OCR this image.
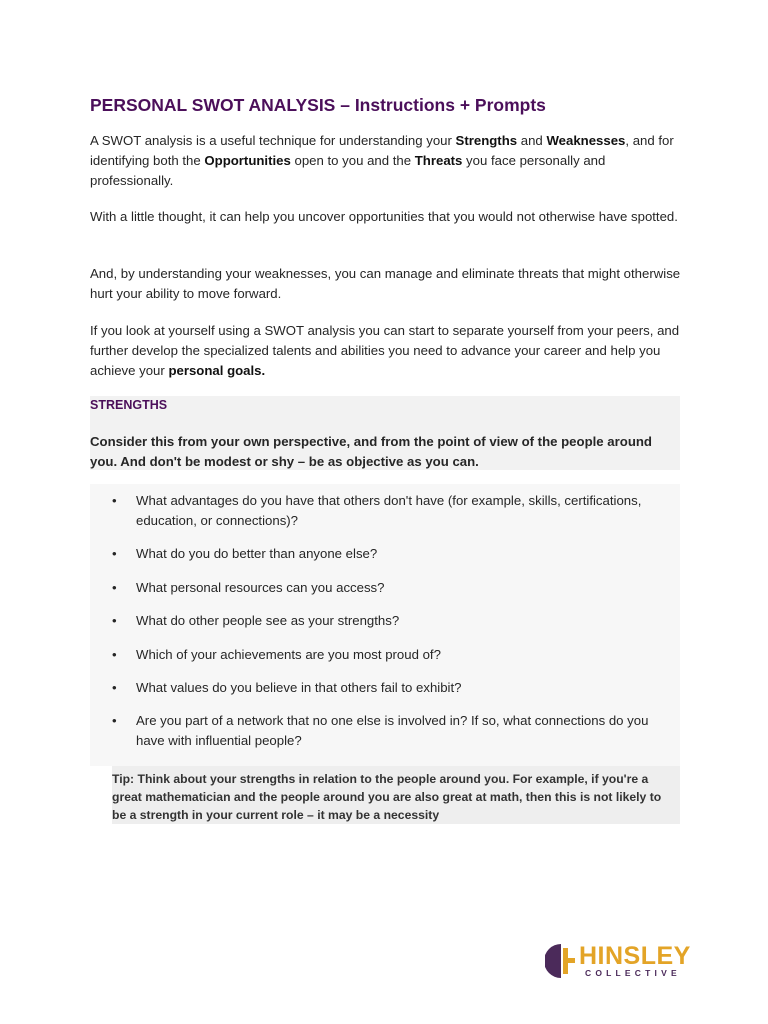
PERSONAL SWOT ANALYSIS – Instructions + Prompts
A SWOT analysis is a useful technique for understanding your Strengths and Weaknesses, and for identifying both the Opportunities open to you and the Threats you face personally and professionally.
With a little thought, it can help you uncover opportunities that you would not otherwise have spotted.
And, by understanding your weaknesses, you can manage and eliminate threats that might otherwise hurt your ability to move forward.
If you look at yourself using a SWOT analysis you can start to separate yourself from your peers, and further develop the specialized talents and abilities you need to advance your career and help you achieve your personal goals.
STRENGTHS
Consider this from your own perspective, and from the point of view of the people around you. And don't be modest or shy – be as objective as you can.
•	What advantages do you have that others don't have (for example, skills, certifications, education, or connections)?
•	What do you do better than anyone else?
•	What personal resources can you access?
•	What do other people see as your strengths?
•	Which of your achievements are you most proud of?
•	What values do you believe in that others fail to exhibit?
•	Are you part of a network that no one else is involved in? If so, what connections do you have with influential people?
Tip: Think about your strengths in relation to the people around you. For example, if you're a great mathematician and the people around you are also great at math, then this is not likely to be a strength in your current role – it may be a necessity
HINSLEY
COLLECTIVE
